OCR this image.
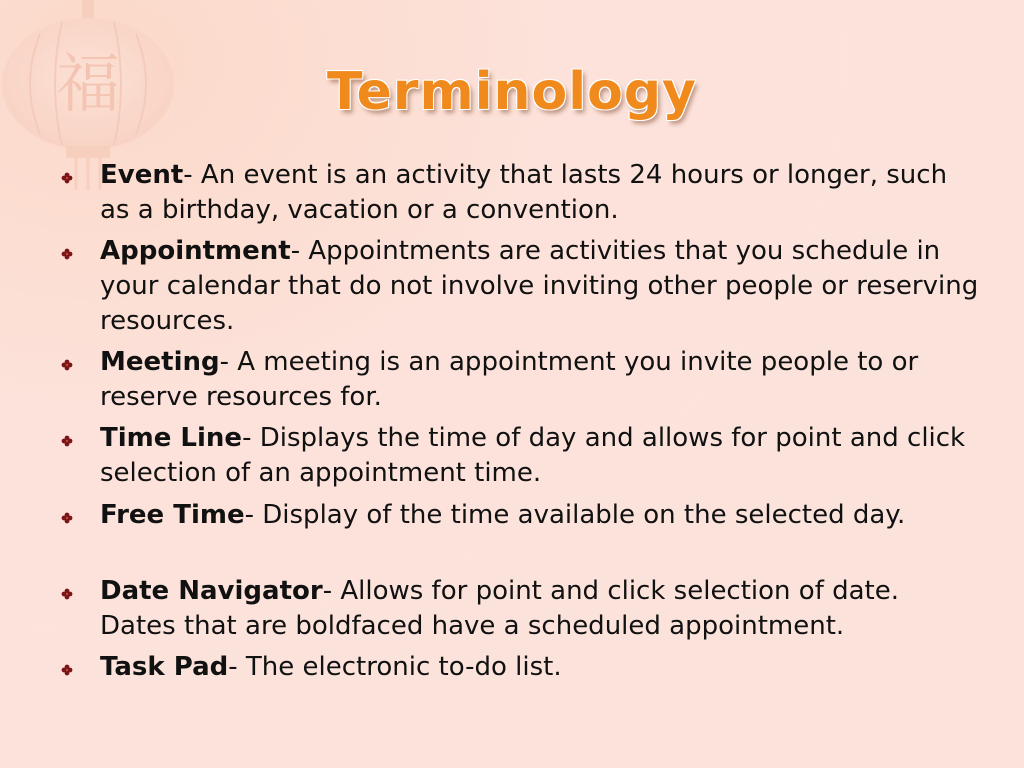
福	Terminology
Event- An event is an activity that lasts 24 hours or longer, such as a birthday, vacation or a convention.
Appointment- Appointments are activities that you schedule in your calendar that do not involve inviting other people or reserving resources.
Meeting- A meeting is an appointment you invite people to or reserve resources for.
Time Line- Displays the time of day and allows for point and click selection of an appointment time.
Free Time- Display of the time available on the selected day.
Date Navigator- Allows for point and click selection of date. Dates that are boldfaced have a scheduled appointment.
Task Pad- The electronic to-do list.
